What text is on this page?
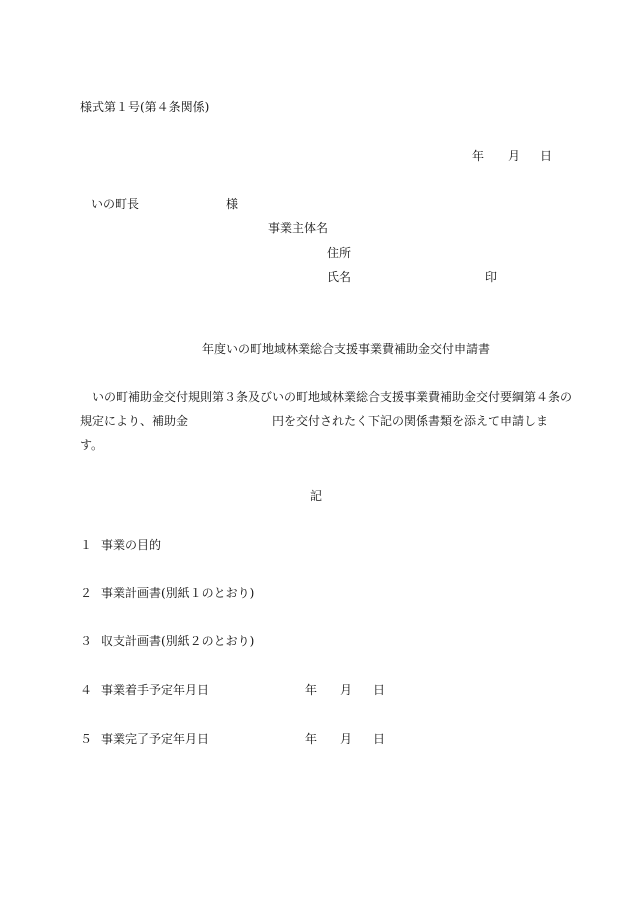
様式第１号(第４条関係)
年 月 日
いの町長	様
事業主体名
住所
氏名	印
年度いの町地域林業総合支援事業費補助金交付申請書
いの町補助金交付規則第３条及びいの町地域林業総合支援事業費補助金交付要綱第４条の
規定により、補助金	円を交付されたく下記の関係書類を添えて申請しま
す。
記
１ 事業の目的
２ 事業計画書(別紙１のとおり)
３ 収支計画書(別紙２のとおり)
４ 事業着手予定年月日	年 月 日
５ 事業完了予定年月日	年 月 日
